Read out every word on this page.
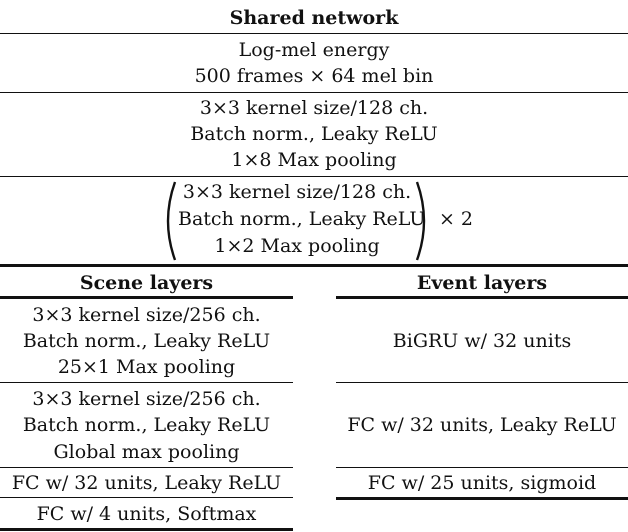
Shared network
Log-mel energy
500 frames × 64 mel bin
3×3 kernel size/128 ch.
Batch norm., Leaky ReLU
1×8 Max pooling
3×3 kernel size/128 ch.
Batch norm., Leaky ReLU
1×2 Max pooling
× 2
Scene layers	Event layers
3×3 kernel size/256 ch.
Batch norm., Leaky ReLU
25×1 Max pooling
BiGRU w/ 32 units
3×3 kernel size/256 ch.
Batch norm., Leaky ReLU
Global max pooling
FC w/ 32 units, Leaky ReLU
FC w/ 32 units, Leaky ReLU	FC w/ 25 units, sigmoid
FC w/ 4 units, Softmax
